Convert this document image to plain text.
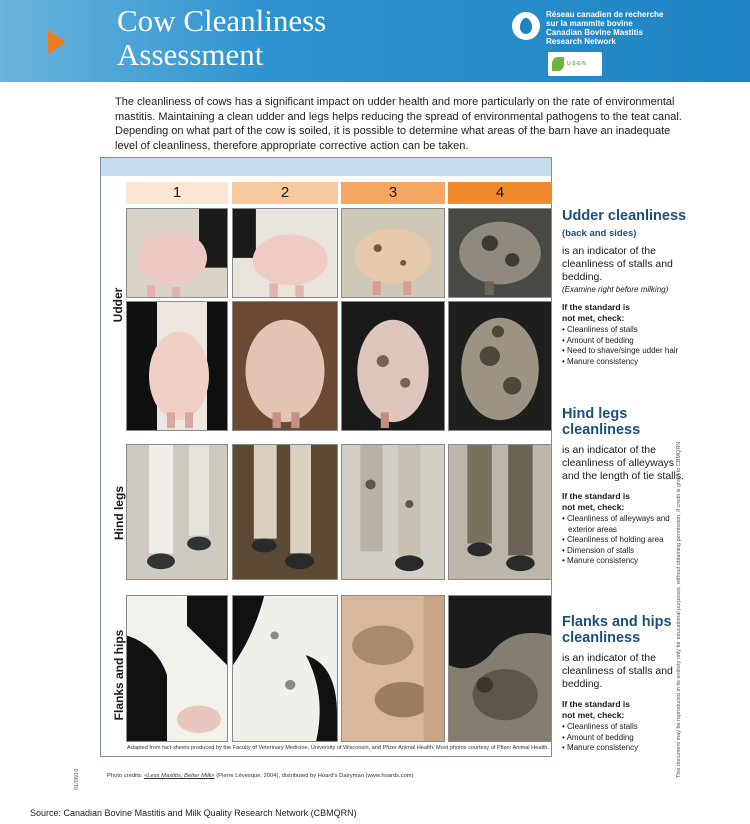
Cow Cleanliness
Assessment
Réseau canadien de recherche
sur la mammite bovine
Canadian Bovine Mastitis
Research Network
U·S·E·N

The cleanliness of cows has a significant impact on udder health and more particularly on the rate of environmental mastitis. Maintaining a clean udder and legs helps reducing the spread of environmental pathogens to the teat canal. Depending on what part of the cow is soiled, it is possible to determine what areas of the barn have an inadequate level of cleanliness, therefore appropriate corrective action can be taken.

1	2	3	4
Udder
Hind legs
Flanks and hips
Adapted from fact-sheets produced by the Faculty of Veterinary Medicine, University of Wisconsin, and Pfizer Animal Health. Most photos courtesy of Pfizer Animal Health.
Udder cleanliness
(back and sides)

is an indicator of the cleanliness of stalls and bedding.

(Examine right before milking)
If the standard is
not met, check:
• Cleanliness of stalls
• Amount of bedding
• Need to shave/singe udder hair
• Manure consistency
Hind legs
cleanliness

is an indicator of the cleanliness of alleyways and the length of tie stalls.

If the standard is
not met, check:
• Cleanliness of alleyways and exterior areas
• Cleanliness of holding area
• Dimension of stalls
• Manure consistency
Flanks and hips
cleanliness

is an indicator of the cleanliness of stalls and bedding.

If the standard is
not met, check:
• Cleanliness of stalls
• Amount of bedding
• Manure consistency	This document may be reproduced in its entirety only for educational purposes, without obtaining permission, if credit is given to CBMQRN
Photo credits: «Less Mastitis, Better Milk» (Pierre Lévesque, 2004), distributed by Hoard's Dairyman (www.hoards.com)
01/08/10
Source: Canadian Bovine Mastitis and Milk Quality Research Network (CBMQRN)
